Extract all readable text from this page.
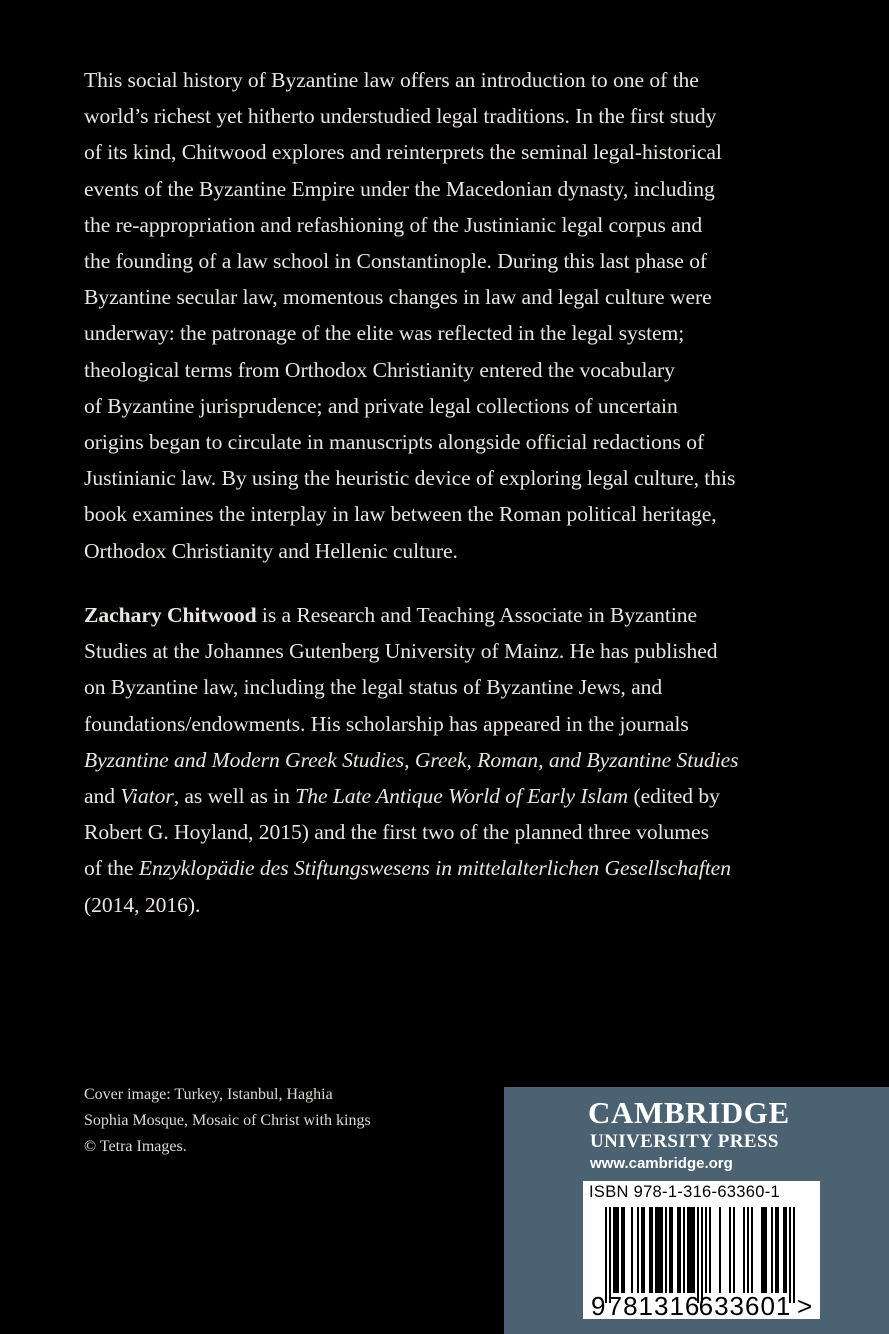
This social history of Byzantine law offers an introduction to one of the
world’s richest yet hitherto understudied legal traditions. In the first study
of its kind, Chitwood explores and reinterprets the seminal legal-historical
events of the Byzantine Empire under the Macedonian dynasty, including
the re-appropriation and refashioning of the Justinianic legal corpus and
the founding of a law school in Constantinople. During this last phase of
Byzantine secular law, momentous changes in law and legal culture were
underway: the patronage of the elite was reflected in the legal system;
theological terms from Orthodox Christianity entered the vocabulary
of Byzantine jurisprudence; and private legal collections of uncertain
origins began to circulate in manuscripts alongside official redactions of
Justinianic law. By using the heuristic device of exploring legal culture, this
book examines the interplay in law between the Roman political heritage,
Orthodox Christianity and Hellenic culture.

Zachary Chitwood is a Research and Teaching Associate in Byzantine
Studies at the Johannes Gutenberg University of Mainz. He has published
on Byzantine law, including the legal status of Byzantine Jews, and
foundations/endowments. His scholarship has appeared in the journals
Byzantine and Modern Greek Studies, Greek, Roman, and Byzantine Studies
and Viator, as well as in The Late Antique World of Early Islam (edited by
Robert G. Hoyland, 2015) and the first two of the planned three volumes
of the Enzyklopädie des Stiftungswesens in mittelalterlichen Gesellschaften
(2014, 2016).

Cover image: Turkey, Istanbul, Haghia
Sophia Mosque, Mosaic of Christ with kings
© Tetra Images.

CAMBRIDGE

UNIVERSITY PRESS

www.cambridge.org

9 781316
633601 >

ISBN 978-1-316-63360-1
